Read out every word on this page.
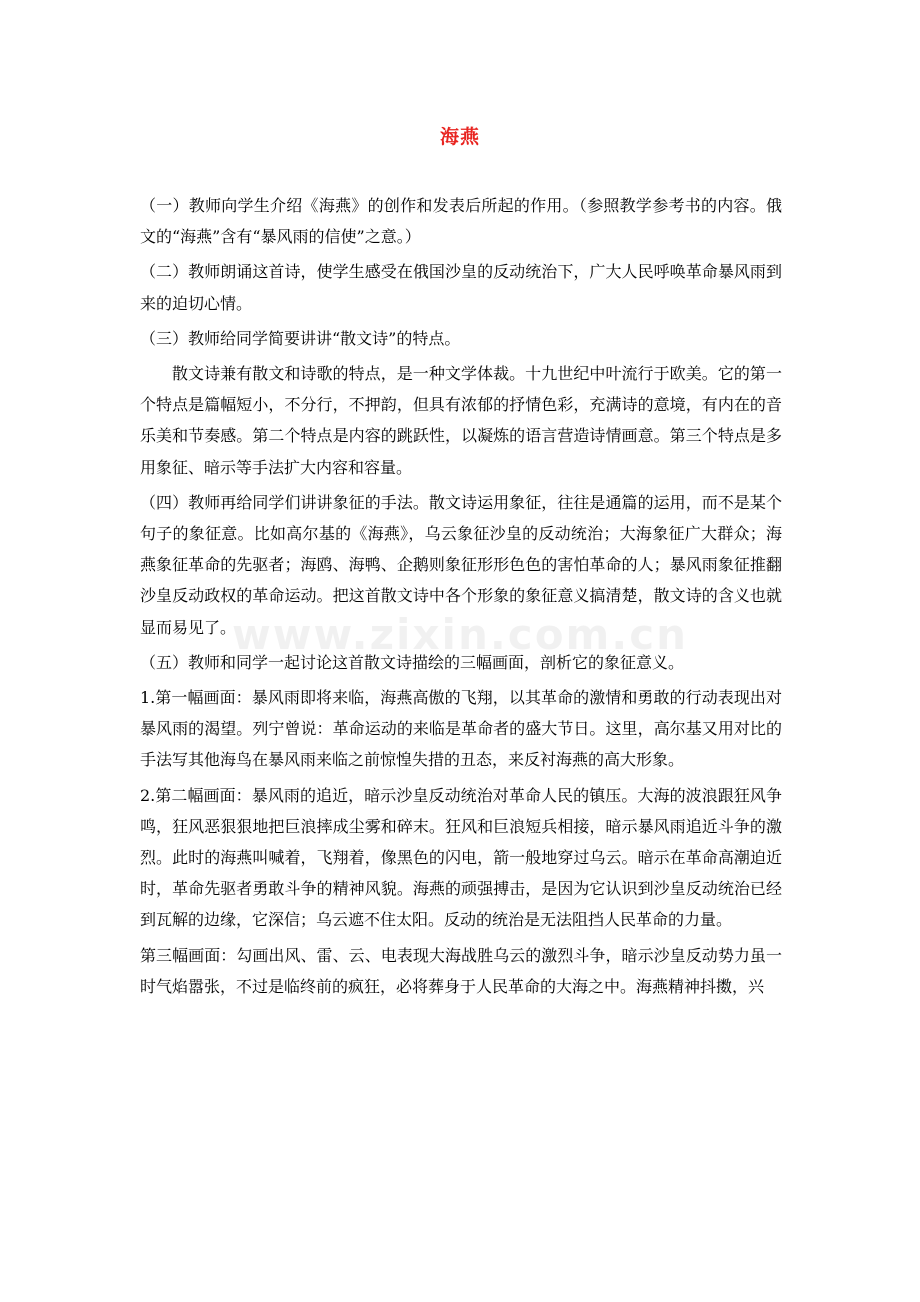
www.zixin.com.cn
海燕

（一）教师向学生介绍《海燕》的创作和发表后所起的作用。（参照教学参考书的内容。俄文的“海燕”含有“暴风雨的信使”之意。）

（二）教师朗诵这首诗，使学生感受在俄国沙皇的反动统治下，广大人民呼唤革命暴风雨到来的迫切心情。

（三）教师给同学简要讲讲“散文诗”的特点。

散文诗兼有散文和诗歌的特点，是一种文学体裁。十九世纪中叶流行于欧美。它的第一个特点是篇幅短小，不分行，不押韵，但具有浓郁的抒情色彩，充满诗的意境，有内在的音乐美和节奏感。第二个特点是内容的跳跃性，以凝炼的语言营造诗情画意。第三个特点是多用象征、暗示等手法扩大内容和容量。

（四）教师再给同学们讲讲象征的手法。散文诗运用象征，往往是通篇的运用，而不是某个句子的象征意。比如高尔基的《海燕》，乌云象征沙皇的反动统治；大海象征广大群众；海燕象征革命的先驱者；海鸥、海鸭、企鹅则象征形形色色的害怕革命的人；暴风雨象征推翻沙皇反动政权的革命运动。把这首散文诗中各个形象的象征意义搞清楚，散文诗的含义也就显而易见了。

（五）教师和同学一起讨论这首散文诗描绘的三幅画面，剖析它的象征意义。

1.第一幅画面：暴风雨即将来临，海燕高傲的飞翔，以其革命的激情和勇敢的行动表现出对暴风雨的渴望。列宁曾说：革命运动的来临是革命者的盛大节日。这里，高尔基又用对比的手法写其他海鸟在暴风雨来临之前惊惶失措的丑态，来反衬海燕的高大形象。

2.第二幅画面：暴风雨的追近，暗示沙皇反动统治对革命人民的镇压。大海的波浪跟狂风争鸣，狂风恶狠狠地把巨浪摔成尘雾和碎末。狂风和巨浪短兵相接，暗示暴风雨追近斗争的激烈。此时的海燕叫喊着，飞翔着，像黑色的闪电，箭一般地穿过乌云。暗示在革命高潮迫近时，革命先驱者勇敢斗争的精神风貌。海燕的顽强搏击，是因为它认识到沙皇反动统治已经到瓦解的边缘，它深信；乌云遮不住太阳。反动的统治是无法阻挡人民革命的力量。

第三幅画面：勾画出风、雷、云、电表现大海战胜乌云的激烈斗争，暗示沙皇反动势力虽一时气焰嚣张，不过是临终前的疯狂，必将葬身于人民革命的大海之中。海燕精神抖擞，兴
